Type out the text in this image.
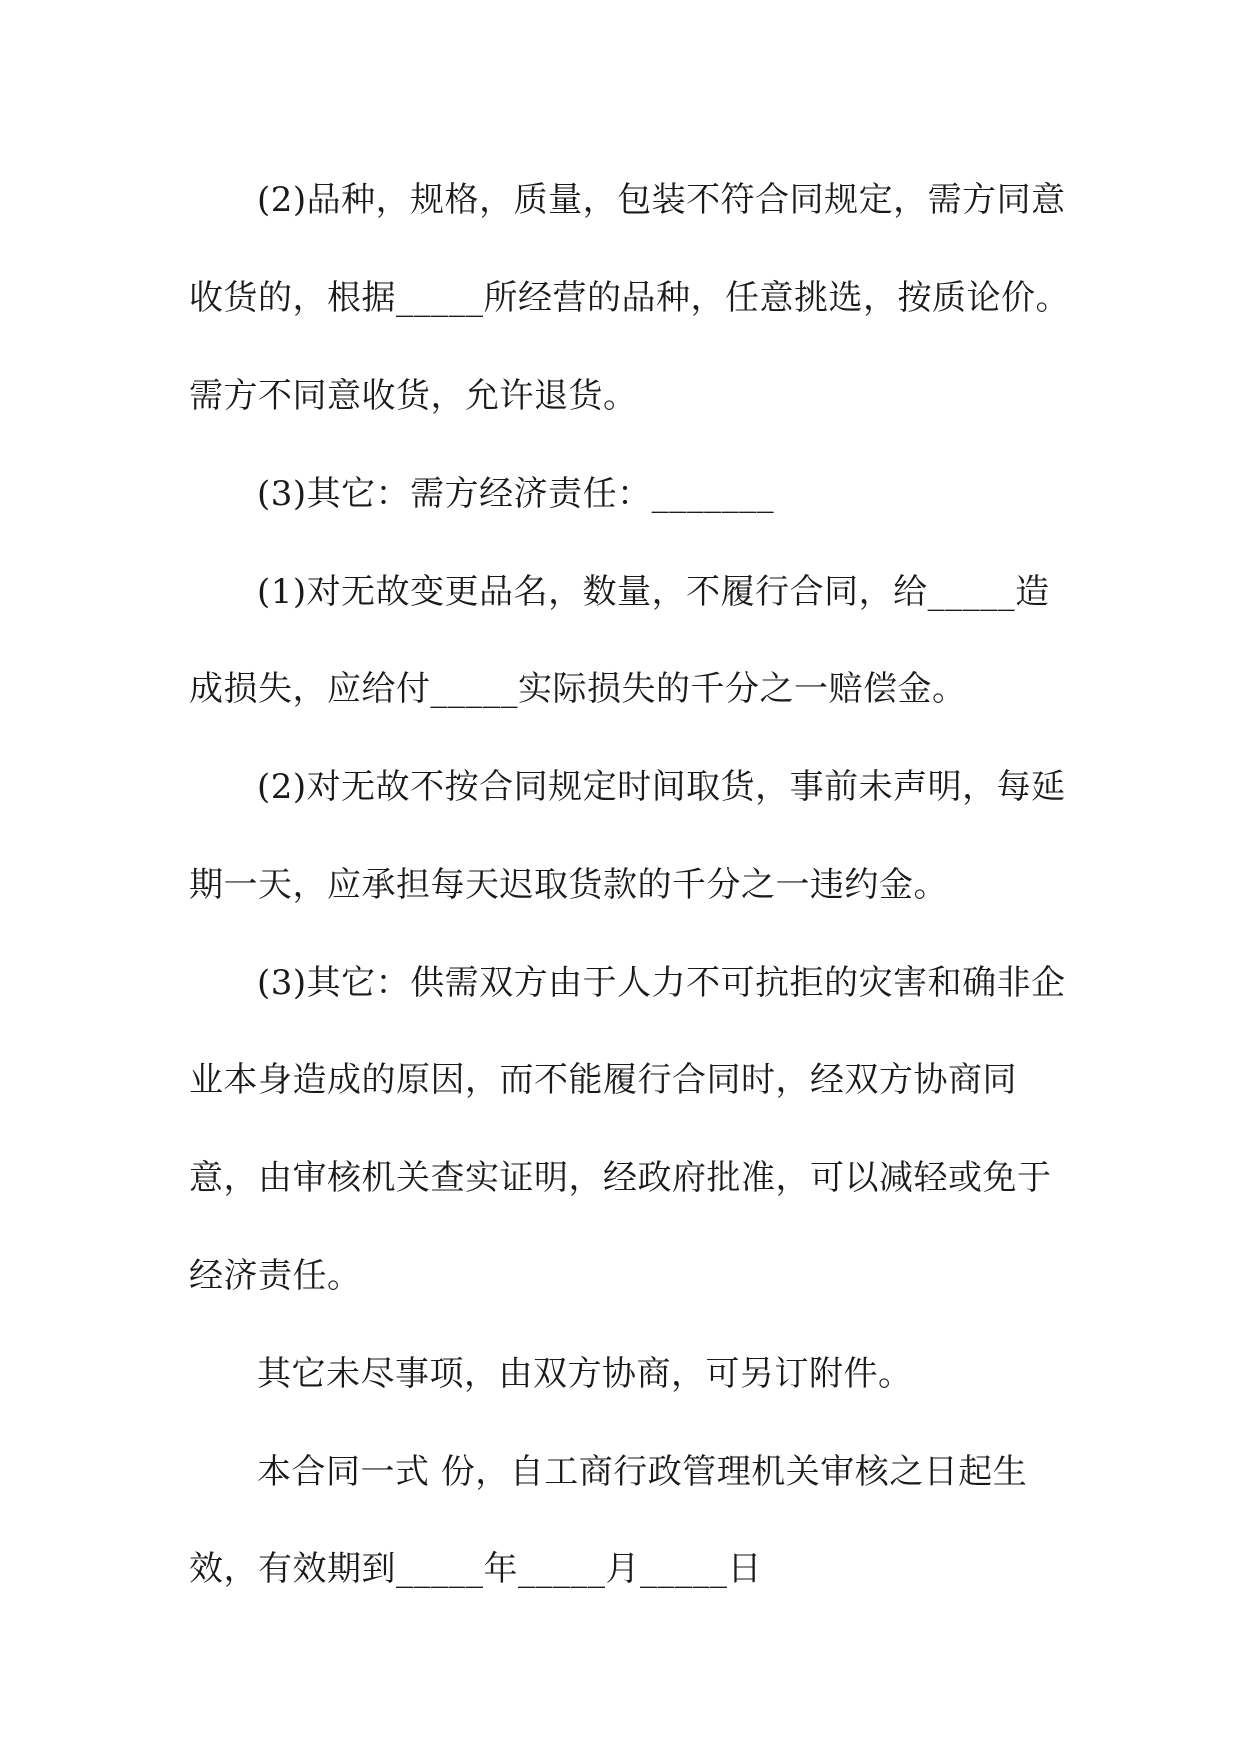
(2)品种，规格，质量，包装不符合同规定，需方同意
收货的，根据_____所经营的品种，任意挑选，按质论价。
需方不同意收货，允许退货。
(3)其它：需方经济责任：_______
(1)对无故变更品名，数量，不履行合同，给_____造
成损失，应给付_____实际损失的千分之一赔偿金。
(2)对无故不按合同规定时间取货，事前未声明，每延
期一天，应承担每天迟取货款的千分之一违约金。
(3)其它：供需双方由于人力不可抗拒的灾害和确非企
业本身造成的原因，而不能履行合同时，经双方协商同
意，由审核机关查实证明，经政府批准，可以减轻或免于
经济责任。
其它未尽事项，由双方协商，可另订附件。
本合同一式 份，自工商行政管理机关审核之日起生
效，有效期到_____年_____月_____日
